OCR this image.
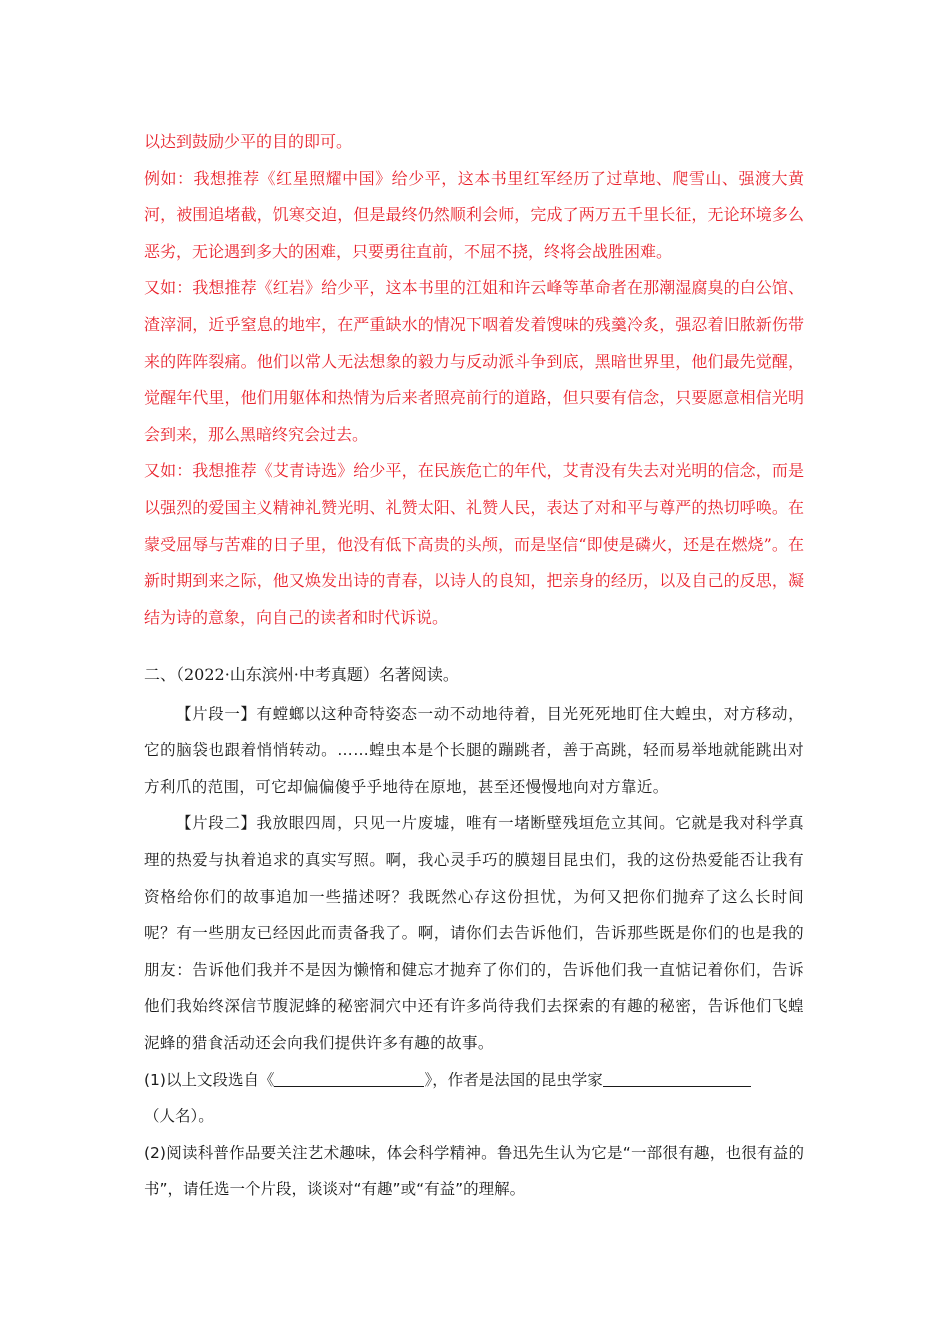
以达到鼓励少平的目的即可。

例如：我想推荐《红星照耀中国》给少平，这本书里红军经历了过草地、爬雪山、强渡大黄河，被围追堵截，饥寒交迫，但是最终仍然顺利会师，完成了两万五千里长征，无论环境多么恶劣，无论遇到多大的困难，只要勇往直前，不屈不挠，终将会战胜困难。

又如：我想推荐《红岩》给少平，这本书里的江姐和许云峰等革命者在那潮湿腐臭的白公馆、渣滓洞，近乎窒息的地牢，在严重缺水的情况下咽着发着馊味的残羹冷炙，强忍着旧脓新伤带来的阵阵裂痛。他们以常人无法想象的毅力与反动派斗争到底，黑暗世界里，他们最先觉醒，觉醒年代里，他们用躯体和热情为后来者照亮前行的道路，但只要有信念，只要愿意相信光明会到来，那么黑暗终究会过去。

又如：我想推荐《艾青诗选》给少平，在民族危亡的年代，艾青没有失去对光明的信念，而是以强烈的爱国主义精神礼赞光明、礼赞太阳、礼赞人民，表达了对和平与尊严的热切呼唤。在蒙受屈辱与苦难的日子里，他没有低下高贵的头颅，而是坚信“即使是磷火，还是在燃烧”。在新时期到来之际，他又焕发出诗的青春，以诗人的良知，把亲身的经历，以及自己的反思，凝结为诗的意象，向自己的读者和时代诉说。

二、（2022·山东滨州·中考真题）名著阅读。

【片段一】有螳螂以这种奇特姿态一动不动地待着，目光死死地盯住大蝗虫，对方移动，它的脑袋也跟着悄悄转动。……蝗虫本是个长腿的蹦跳者，善于高跳，轻而易举地就能跳出对方利爪的范围，可它却偏偏傻乎乎地待在原地，甚至还慢慢地向对方靠近。

【片段二】我放眼四周，只见一片废墟，唯有一堵断壁残垣危立其间。它就是我对科学真理的热爱与执着追求的真实写照。啊，我心灵手巧的膜翅目昆虫们，我的这份热爱能否让我有资格给你们的故事追加一些描述呀？我既然心存这份担忧，为何又把你们抛弃了这么长时间呢？有一些朋友已经因此而责备我了。啊，请你们去告诉他们，告诉那些既是你们的也是我的朋友：告诉他们我并不是因为懒惰和健忘才抛弃了你们的，告诉他们我一直惦记着你们，告诉他们我始终深信节腹泥蜂的秘密洞穴中还有许多尚待我们去探索的有趣的秘密，告诉他们飞蝗泥蜂的猎食活动还会向我们提供许多有趣的故事。

(1)以上文段选自《	》，作者是法国的昆虫学家
（人名）。

(2)阅读科普作品要关注艺术趣味，体会科学精神。鲁迅先生认为它是“一部很有趣，也很有益的书”，请任选一个片段，谈谈对“有趣”或“有益”的理解。
